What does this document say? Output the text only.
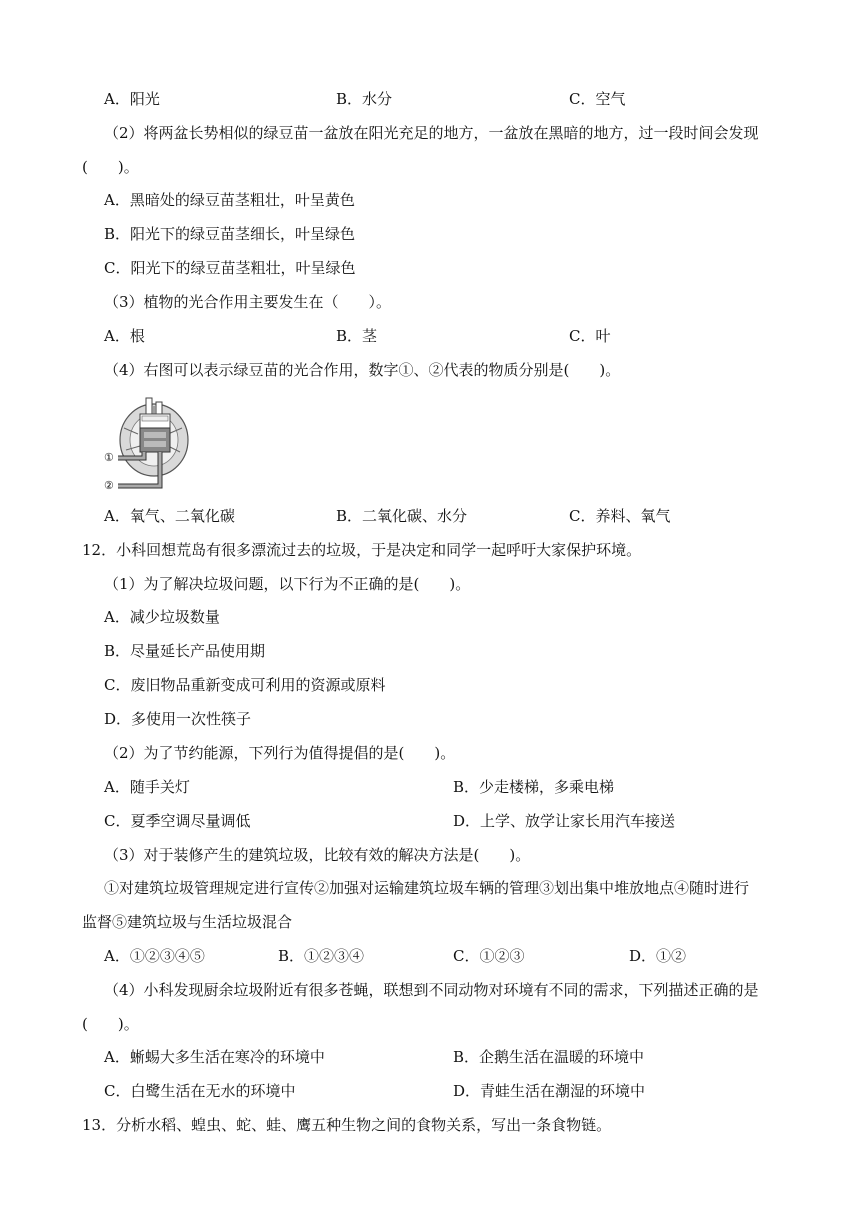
A．阳光	B．水分	C．空气
（2）将两盆长势相似的绿豆苗一盆放在阳光充足的地方，一盆放在黑暗的地方，过一段时间会发现
(　　)。
A．黑暗处的绿豆苗茎粗壮，叶呈黄色
B．阳光下的绿豆苗茎细长，叶呈绿色
C．阳光下的绿豆苗茎粗壮，叶呈绿色
（3）植物的光合作用主要发生在（　　）。
A．根	B．茎	C．叶
（4）右图可以表示绿豆苗的光合作用，数字①、②代表的物质分别是(　　)。
①
②
A．氧气、二氧化碳	B．二氧化碳、水分	C．养料、氧气
12．小科回想荒岛有很多漂流过去的垃圾，于是决定和同学一起呼吁大家保护环境。
（1）为了解决垃圾问题，以下行为不正确的是(　　)。
A．减少垃圾数量
B．尽量延长产品使用期
C．废旧物品重新变成可利用的资源或原料
D．多使用一次性筷子
（2）为了节约能源，下列行为值得提倡的是(　　)。
A．随手关灯	B．少走楼梯，多乘电梯
C．夏季空调尽量调低	D．上学、放学让家长用汽车接送
（3）对于装修产生的建筑垃圾，比较有效的解决方法是(　　)。
①对建筑垃圾管理规定进行宣传②加强对运输建筑垃圾车辆的管理③划出集中堆放地点④随时进行
监督⑤建筑垃圾与生活垃圾混合
A．①②③④⑤	B．①②③④	C．①②③	D．①②
（4）小科发现厨余垃圾附近有很多苍蝇，联想到不同动物对环境有不同的需求，下列描述正确的是
(　　)。
A．蜥蜴大多生活在寒冷的环境中	B．企鹅生活在温暖的环境中
C．白鹭生活在无水的环境中	D．青蛙生活在潮湿的环境中
13．分析水稻、蝗虫、蛇、蛙、鹰五种生物之间的食物关系，写出一条食物链。
